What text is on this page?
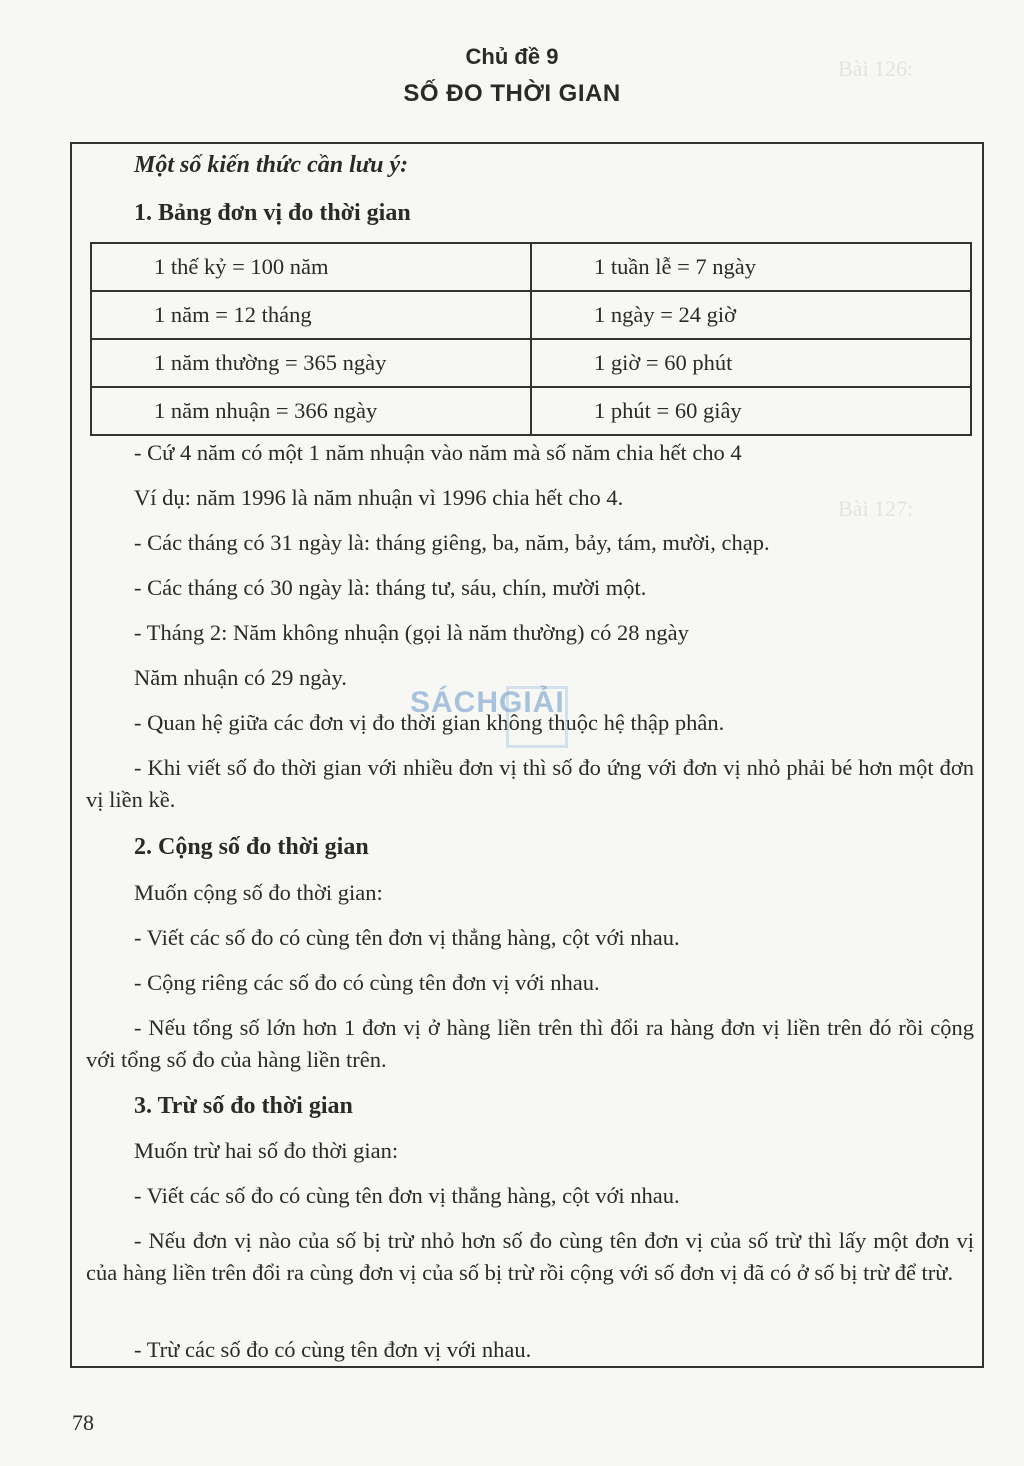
Bài 126:
Bài 127:
Chủ đề 9
SỐ ĐO THỜI GIAN
Một số kiến thức cần lưu ý:
1. Bảng đơn vị đo thời gian
1 thế kỷ = 100 năm	1 tuần lễ = 7 ngày
1 năm = 12 tháng	1 ngày = 24 giờ
1 năm thường = 365 ngày	1 giờ = 60 phút
1 năm nhuận = 366 ngày	1 phút = 60 giây
- Cứ 4 năm có một 1 năm nhuận vào năm mà số năm chia hết cho 4
Ví dụ: năm 1996 là năm nhuận vì 1996 chia hết cho 4.
- Các tháng có 31 ngày là: tháng giêng, ba, năm, bảy, tám, mười, chạp.
- Các tháng có 30 ngày là: tháng tư, sáu, chín, mười một.
- Tháng 2: Năm không nhuận (gọi là năm thường) có 28 ngày
Năm nhuận có 29 ngày.
- Quan hệ giữa các đơn vị đo thời gian không thuộc hệ thập phân.
- Khi viết số đo thời gian với nhiều đơn vị thì số đo ứng với đơn vị nhỏ phải bé hơn một đơn vị liền kề.
2. Cộng số đo thời gian
Muốn cộng số đo thời gian:
- Viết các số đo có cùng tên đơn vị thẳng hàng, cột với nhau.
- Cộng riêng các số đo có cùng tên đơn vị với nhau.
- Nếu tổng số lớn hơn 1 đơn vị ở hàng liền trên thì đổi ra hàng đơn vị liền trên đó rồi cộng với tổng số đo của hàng liền trên.
3. Trừ số đo thời gian
Muốn trừ hai số đo thời gian:
- Viết các số đo có cùng tên đơn vị thẳng hàng, cột với nhau.
- Nếu đơn vị nào của số bị trừ nhỏ hơn số đo cùng tên đơn vị của số trừ thì lấy một đơn vị của hàng liền trên đổi ra cùng đơn vị của số bị trừ rồi cộng với số đơn vị đã có ở số bị trừ để trừ.
- Trừ các số đo có cùng tên đơn vị với nhau.
SÁCHGIẢI
78
